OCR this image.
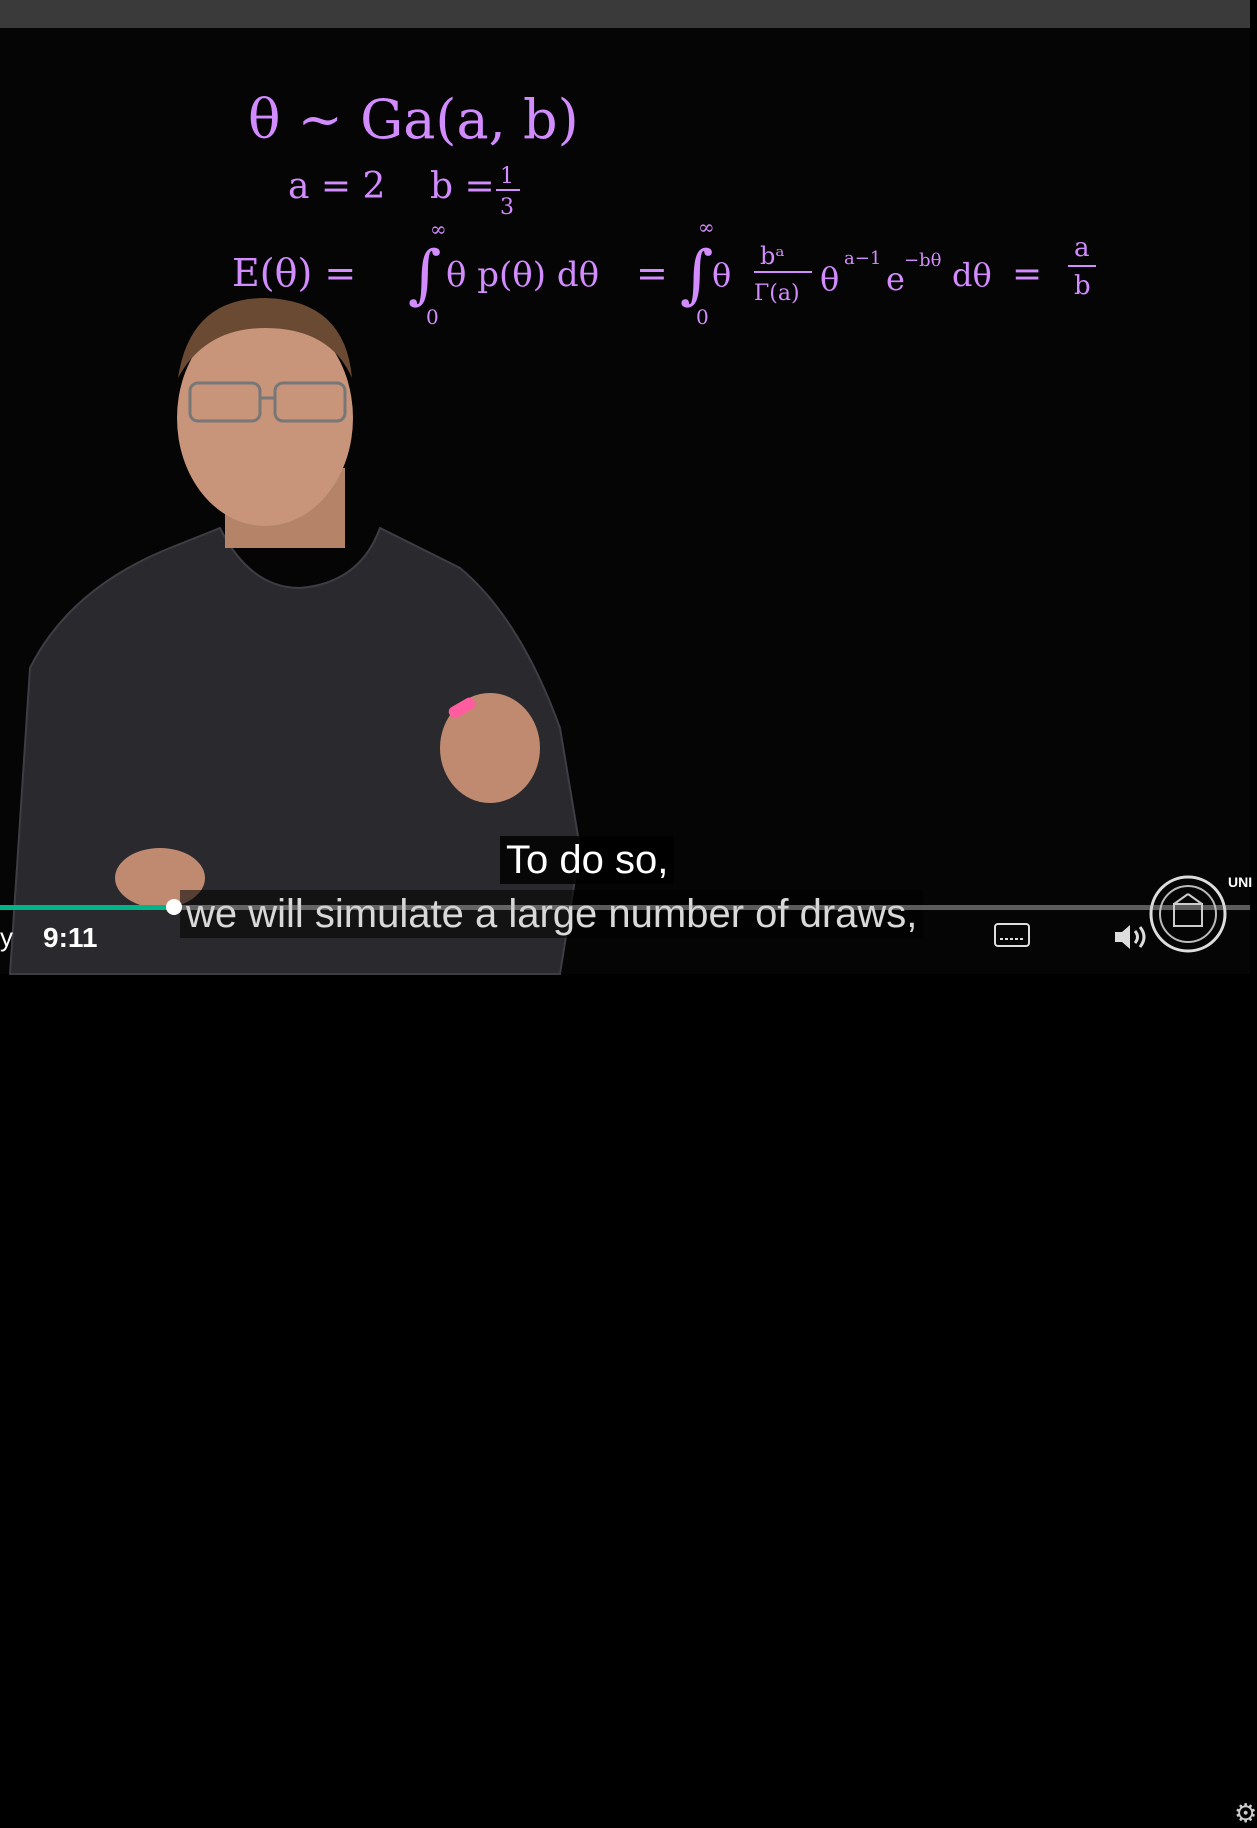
θ ~ Ga(a, b)
a = 2 b = 1
3
E(θ) = ∫
∞
0
θ p(θ) dθ = ∫
∞
0
θ bᵃ
Γ(a) θ
a−1
e −bθ dθ =
a
b
To do so,
we will simulate a large number of draws,
UNI
y 9:11
⚙
